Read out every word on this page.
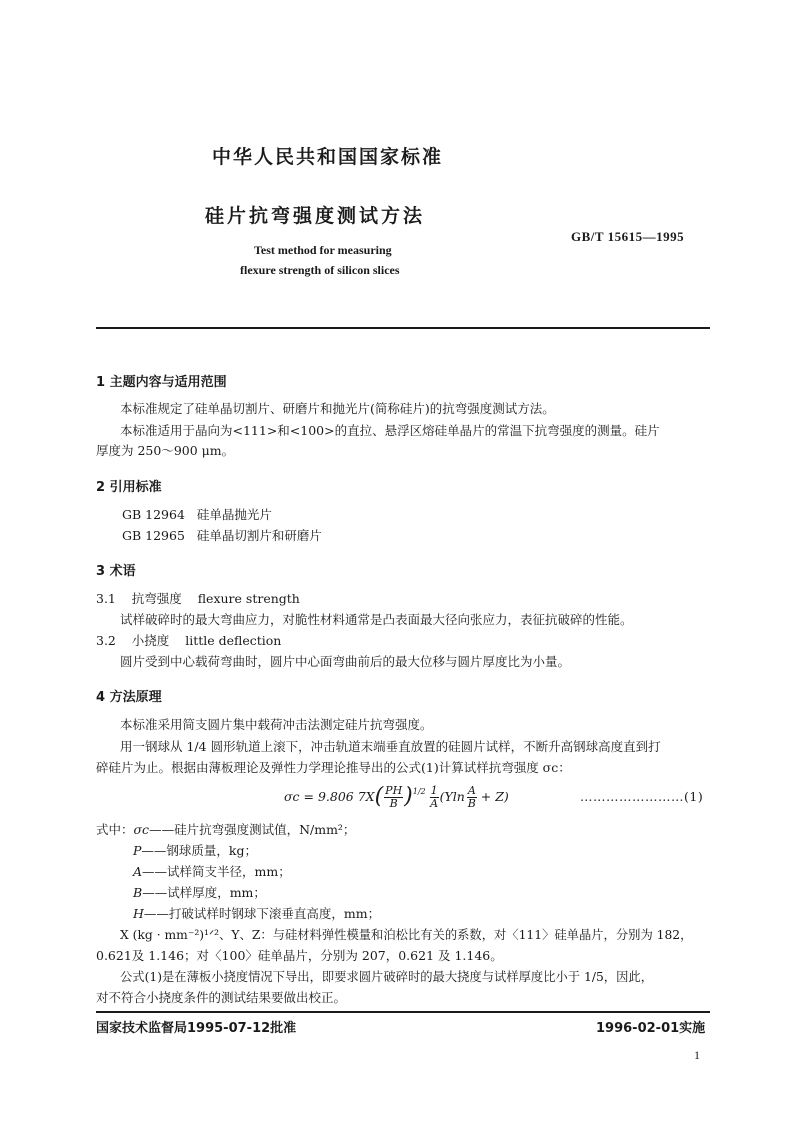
中华人民共和国国家标准
硅片抗弯强度测试方法
GB/T 15615—1995
Test method for measuring
flexure strength of silicon slices
1 主题内容与适用范围
本标准规定了硅单晶切割片、研磨片和抛光片(简称硅片)的抗弯强度测试方法。
本标准适用于晶向为<111>和<100>的直拉、悬浮区熔硅单晶片的常温下抗弯强度的测量。硅片
厚度为 250～900 μm。
2 引用标准
GB 12964 硅单晶抛光片
GB 12965 硅单晶切割片和研磨片
3 术语
3.1 抗弯强度 flexure strength
试样破碎时的最大弯曲应力，对脆性材料通常是凸表面最大径向张应力，表征抗破碎的性能。
3.2 小挠度 little deflection
圆片受到中心载荷弯曲时，圆片中心面弯曲前后的最大位移与圆片厚度比为小量。
4 方法原理
本标准采用简支圆片集中载荷冲击法测定硅片抗弯强度。
用一钢球从 1/4 圆形轨道上滚下，冲击轨道末端垂直放置的硅圆片试样，不断升高钢球高度直到打
碎硅片为止。根据由薄板理论及弹性力学理论推导出的公式(1)计算试样抗弯强度 σc：
σc = 9.806 7X ( $\frac{PH}{B} )^{1/2} \frac{1}{A} (Yln \frac{A}{B} + Z)$	……………………(1)
式中：σc——硅片抗弯强度测试值，N/mm²；
P——钢球质量，kg；
A——试样简支半径，mm；
B——试样厚度，mm；
H——打破试样时钢球下滚垂直高度，mm；
X (kg · mm⁻²)¹ᐟ²、Y、Z：与硅材料弹性模量和泊松比有关的系数，对〈111〉硅单晶片，分别为 182，
0.621及 1.146；对〈100〉硅单晶片，分别为 207，0.621 及 1.146。
公式(1)是在薄板小挠度情况下导出，即要求圆片破碎时的最大挠度与试样厚度比小于 1/5，因此，
对不符合小挠度条件的测试结果要做出校正。
国家技术监督局1995-07-12批准	1996-02-01实施
1
